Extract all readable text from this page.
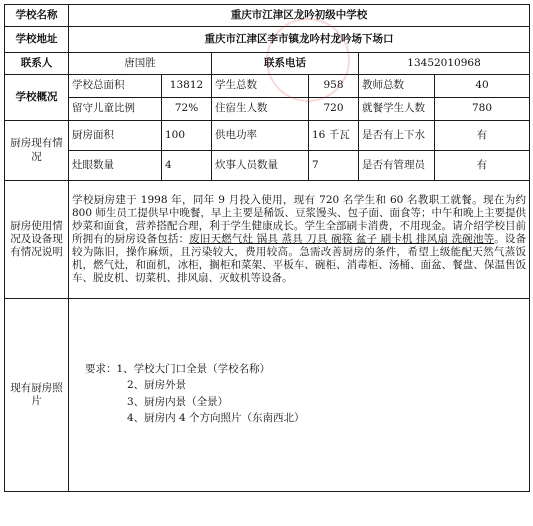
学校名称	重庆市江津区龙吟初级中学校					
学校地址	重庆市江津区李市镇龙吟村龙吟场下场口					
联系人	唐国胜		联系电话		13452010968	
学校概况	学校总面积	13812	学生总数	958	教师总数	40
	留守儿童比例	72%	住宿生人数	720	就餐学生人数	780
厨房现有情况	厨房面积	100	供电功率	16 千瓦	是否有上下水	有
	灶眼数量	4	炊事人员数量	7	是否有管理员	有
厨房使用情况及设备现有情况说明	学校厨房建于 1998 年，同年 9 月投入使用，现有 720 名学生和 60 名教职工就餐。现在为约 800 师生员工提供早中晚餐，早上主要是稀饭、豆浆馒头、包子面、面食等；中午和晚上主要提供炒菜和面食，营养搭配合理，利于学生健康成长。学生全部刷卡消费，不用现金。请介绍学校目前所拥有的厨房设备包括：废旧天燃气灶 锅具 蒸具 刀具 碗筷 盆子 刷卡机 排风扇 洗碗池等。设备较为陈旧，操作麻烦，且污染较大，费用较高。急需改善厨房的条件，希望上级能配天然气蒸饭机，燃气灶，和面机，冰柜，搁柜和菜架、平板车、碗柜、消毒柜、汤桶、面盆、餐盘、保温售饭车、脱皮机、切菜机、排风扇、灭蚊机等设备。					
现有厨房照片	要求：1、学校大门口全景（学校名称）
2、厨房外景
3、厨房内景（全景）
4、厨房内 4 个方向照片（东南西北）					
